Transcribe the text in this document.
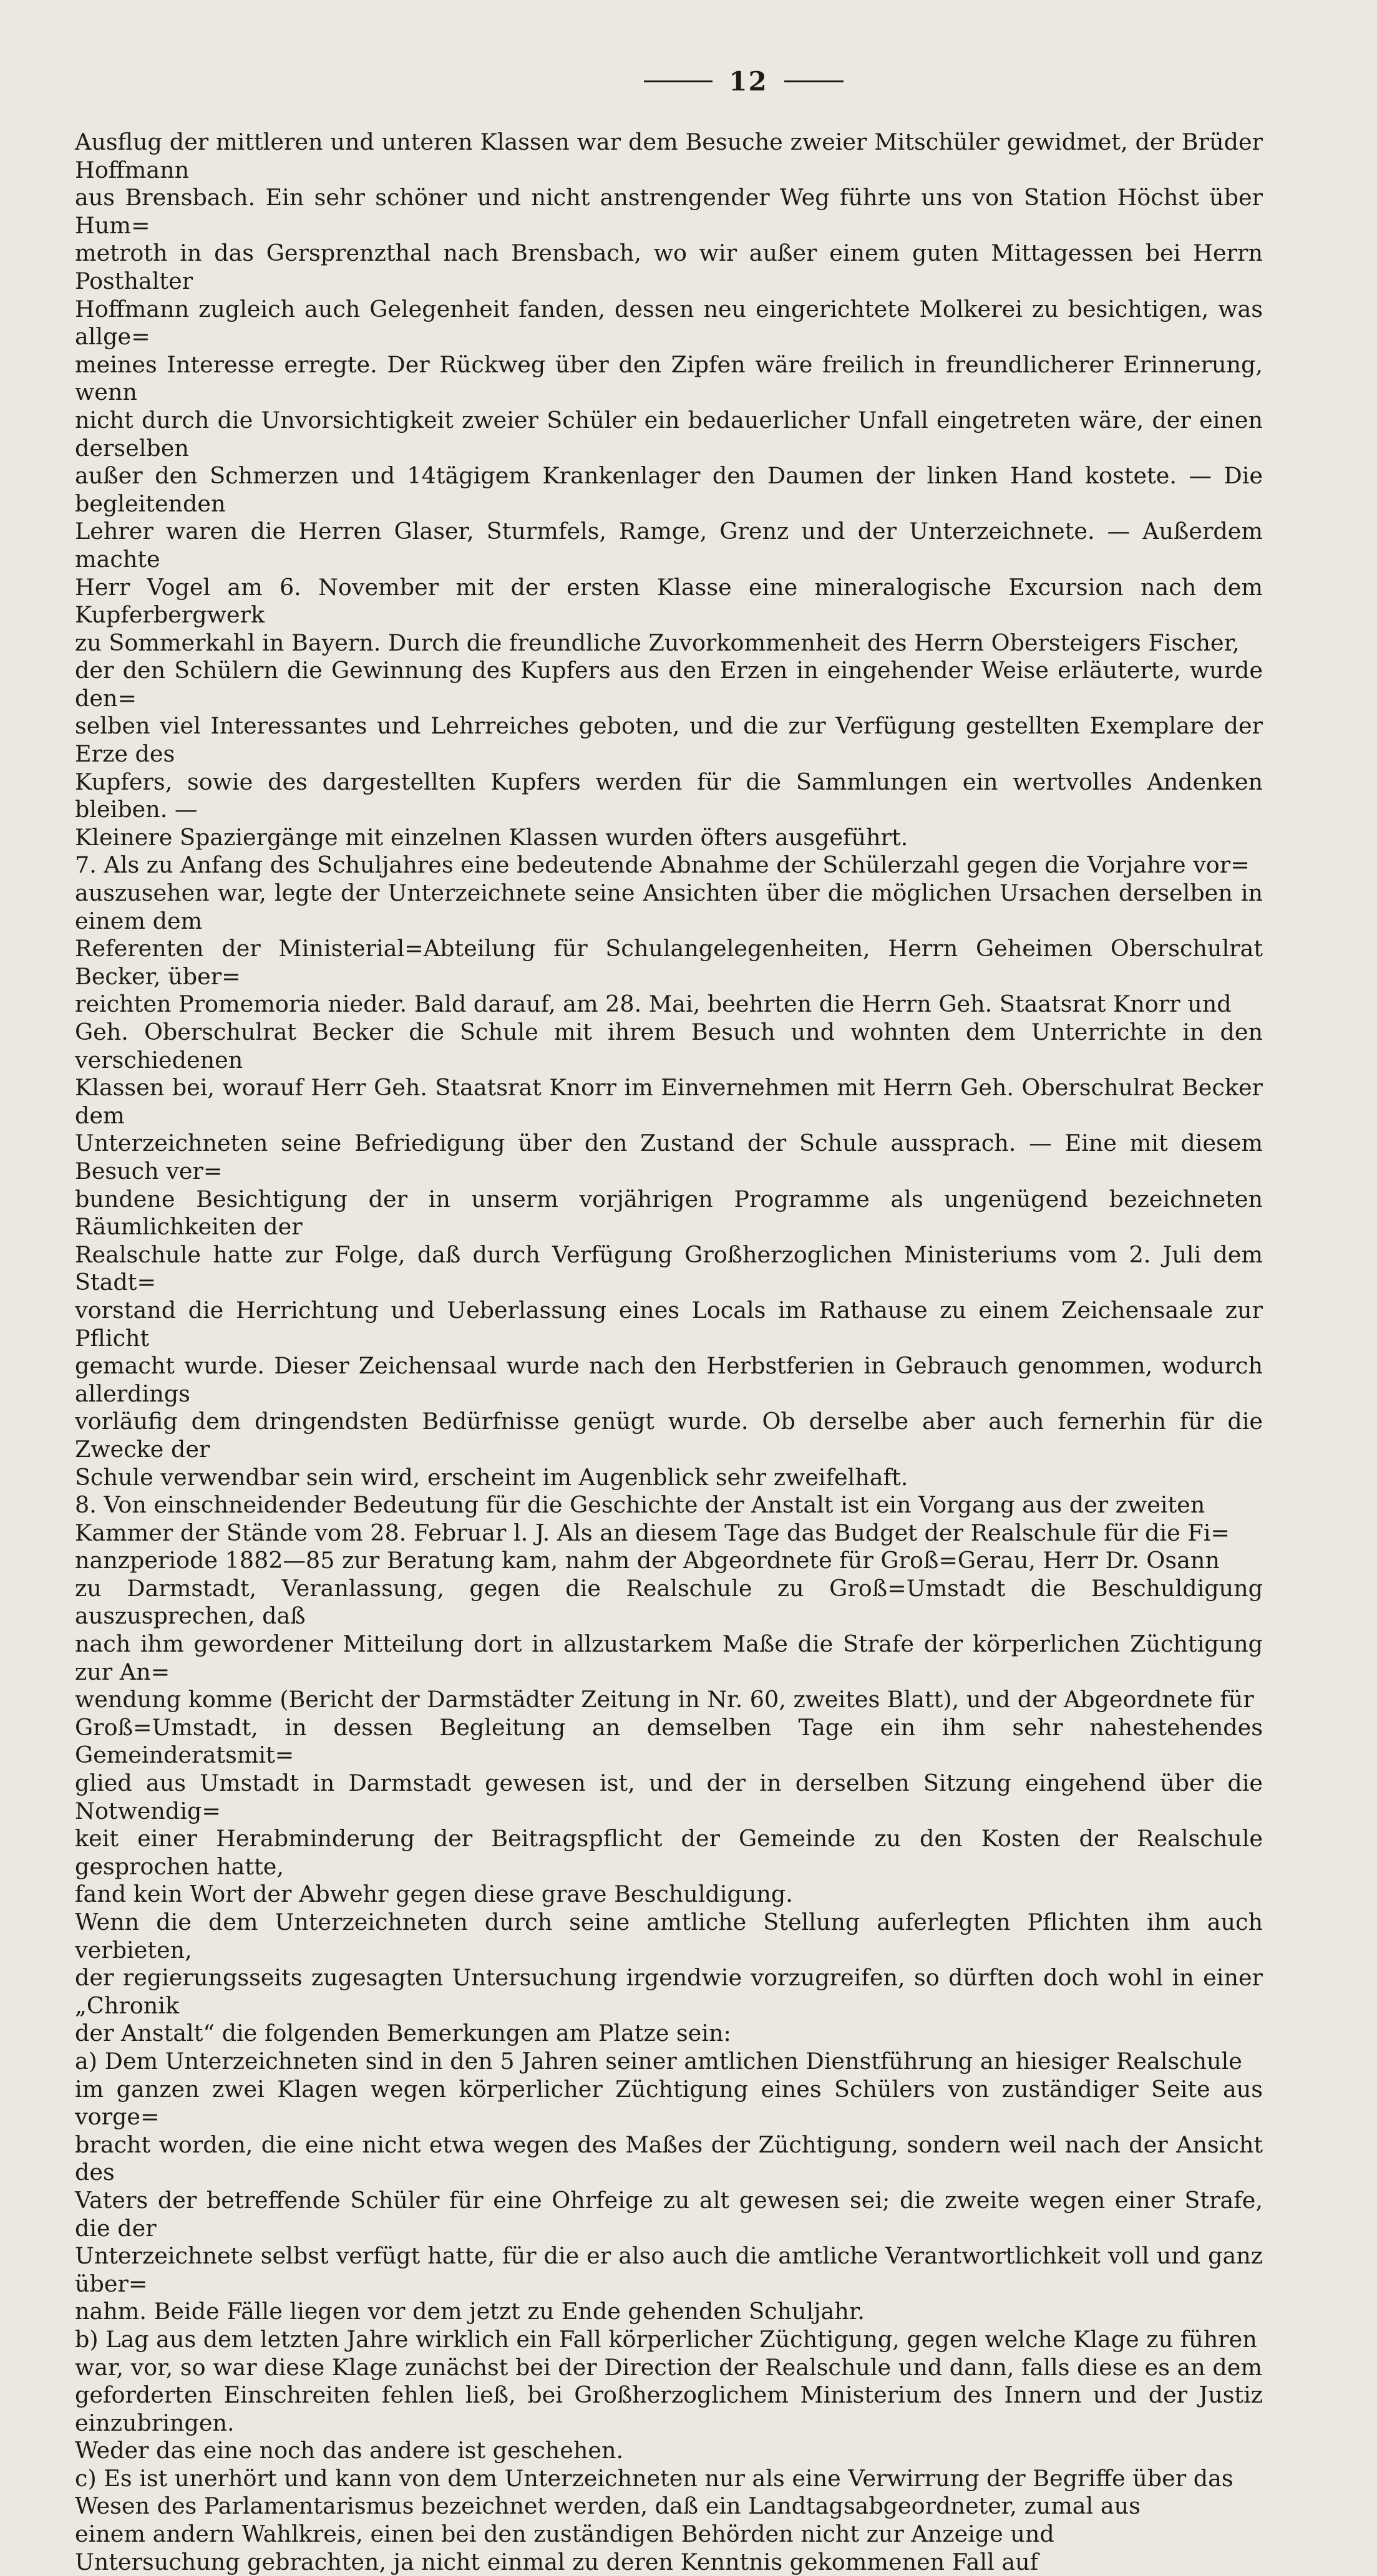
12

Ausflug der mittleren und unteren Klassen war dem Besuche zweier Mitschüler gewidmet, der Brüder Hoffmann
aus Brensbach. Ein sehr schöner und nicht anstrengender Weg führte uns von Station Höchst über Hum=
metroth in das Gersprenzthal nach Brensbach, wo wir außer einem guten Mittagessen bei Herrn Posthalter
Hoffmann zugleich auch Gelegenheit fanden, dessen neu eingerichtete Molkerei zu besichtigen, was allge=
meines Interesse erregte. Der Rückweg über den Zipfen wäre freilich in freundlicherer Erinnerung, wenn
nicht durch die Unvorsichtigkeit zweier Schüler ein bedauerlicher Unfall eingetreten wäre, der einen derselben
außer den Schmerzen und 14tägigem Krankenlager den Daumen der linken Hand kostete. — Die begleitenden
Lehrer waren die Herren Glaser, Sturmfels, Ramge, Grenz und der Unterzeichnete. — Außerdem machte
Herr Vogel am 6. November mit der ersten Klasse eine mineralogische Excursion nach dem Kupferbergwerk
zu Sommerkahl in Bayern. Durch die freundliche Zuvorkommenheit des Herrn Obersteigers Fischer,
der den Schülern die Gewinnung des Kupfers aus den Erzen in eingehender Weise erläuterte, wurde den=
selben viel Interessantes und Lehrreiches geboten, und die zur Verfügung gestellten Exemplare der Erze des
Kupfers, sowie des dargestellten Kupfers werden für die Sammlungen ein wertvolles Andenken bleiben. —
Kleinere Spaziergänge mit einzelnen Klassen wurden öfters ausgeführt.

7. Als zu Anfang des Schuljahres eine bedeutende Abnahme der Schülerzahl gegen die Vorjahre vor=
auszusehen war, legte der Unterzeichnete seine Ansichten über die möglichen Ursachen derselben in einem dem
Referenten der Ministerial=Abteilung für Schulangelegenheiten, Herrn Geheimen Oberschulrat Becker, über=
reichten Promemoria nieder. Bald darauf, am 28. Mai, beehrten die Herrn Geh. Staatsrat Knorr und
Geh. Oberschulrat Becker die Schule mit ihrem Besuch und wohnten dem Unterrichte in den verschiedenen
Klassen bei, worauf Herr Geh. Staatsrat Knorr im Einvernehmen mit Herrn Geh. Oberschulrat Becker dem
Unterzeichneten seine Befriedigung über den Zustand der Schule aussprach. — Eine mit diesem Besuch ver=
bundene Besichtigung der in unserm vorjährigen Programme als ungenügend bezeichneten Räumlichkeiten der
Realschule hatte zur Folge, daß durch Verfügung Großherzoglichen Ministeriums vom 2. Juli dem Stadt=
vorstand die Herrichtung und Ueberlassung eines Locals im Rathause zu einem Zeichensaale zur Pflicht
gemacht wurde. Dieser Zeichensaal wurde nach den Herbstferien in Gebrauch genommen, wodurch allerdings
vorläufig dem dringendsten Bedürfnisse genügt wurde. Ob derselbe aber auch fernerhin für die Zwecke der
Schule verwendbar sein wird, erscheint im Augenblick sehr zweifelhaft.

8. Von einschneidender Bedeutung für die Geschichte der Anstalt ist ein Vorgang aus der zweiten
Kammer der Stände vom 28. Februar l. J. Als an diesem Tage das Budget der Realschule für die Fi=
nanzperiode 1882—85 zur Beratung kam, nahm der Abgeordnete für Groß=Gerau, Herr Dr. Osann
zu Darmstadt, Veranlassung, gegen die Realschule zu Groß=Umstadt die Beschuldigung auszusprechen, daß
nach ihm gewordener Mitteilung dort in allzustarkem Maße die Strafe der körperlichen Züchtigung zur An=
wendung komme (Bericht der Darmstädter Zeitung in Nr. 60, zweites Blatt), und der Abgeordnete für
Groß=Umstadt, in dessen Begleitung an demselben Tage ein ihm sehr nahestehendes Gemeinderatsmit=
glied aus Umstadt in Darmstadt gewesen ist, und der in derselben Sitzung eingehend über die Notwendig=
keit einer Herabminderung der Beitragspflicht der Gemeinde zu den Kosten der Realschule gesprochen hatte,
fand kein Wort der Abwehr gegen diese grave Beschuldigung.

Wenn die dem Unterzeichneten durch seine amtliche Stellung auferlegten Pflichten ihm auch verbieten,
der regierungsseits zugesagten Untersuchung irgendwie vorzugreifen, so dürften doch wohl in einer „Chronik
der Anstalt“ die folgenden Bemerkungen am Platze sein:

a) Dem Unterzeichneten sind in den 5 Jahren seiner amtlichen Dienstführung an hiesiger Realschule
im ganzen zwei Klagen wegen körperlicher Züchtigung eines Schülers von zuständiger Seite aus vorge=
bracht worden, die eine nicht etwa wegen des Maßes der Züchtigung, sondern weil nach der Ansicht des
Vaters der betreffende Schüler für eine Ohrfeige zu alt gewesen sei; die zweite wegen einer Strafe, die der
Unterzeichnete selbst verfügt hatte, für die er also auch die amtliche Verantwortlichkeit voll und ganz über=
nahm. Beide Fälle liegen vor dem jetzt zu Ende gehenden Schuljahr.

b) Lag aus dem letzten Jahre wirklich ein Fall körperlicher Züchtigung, gegen welche Klage zu führen
war, vor, so war diese Klage zunächst bei der Direction der Realschule und dann, falls diese es an dem
geforderten Einschreiten fehlen ließ, bei Großherzoglichem Ministerium des Innern und der Justiz einzubringen.
Weder das eine noch das andere ist geschehen.

c) Es ist unerhört und kann von dem Unterzeichneten nur als eine Verwirrung der Begriffe über das
Wesen des Parlamentarismus bezeichnet werden, daß ein Landtagsabgeordneter, zumal aus
einem andern Wahlkreis, einen bei den zuständigen Behörden nicht zur Anzeige und
Untersuchung gebrachten, ja nicht einmal zu deren Kenntnis gekommenen Fall auf
